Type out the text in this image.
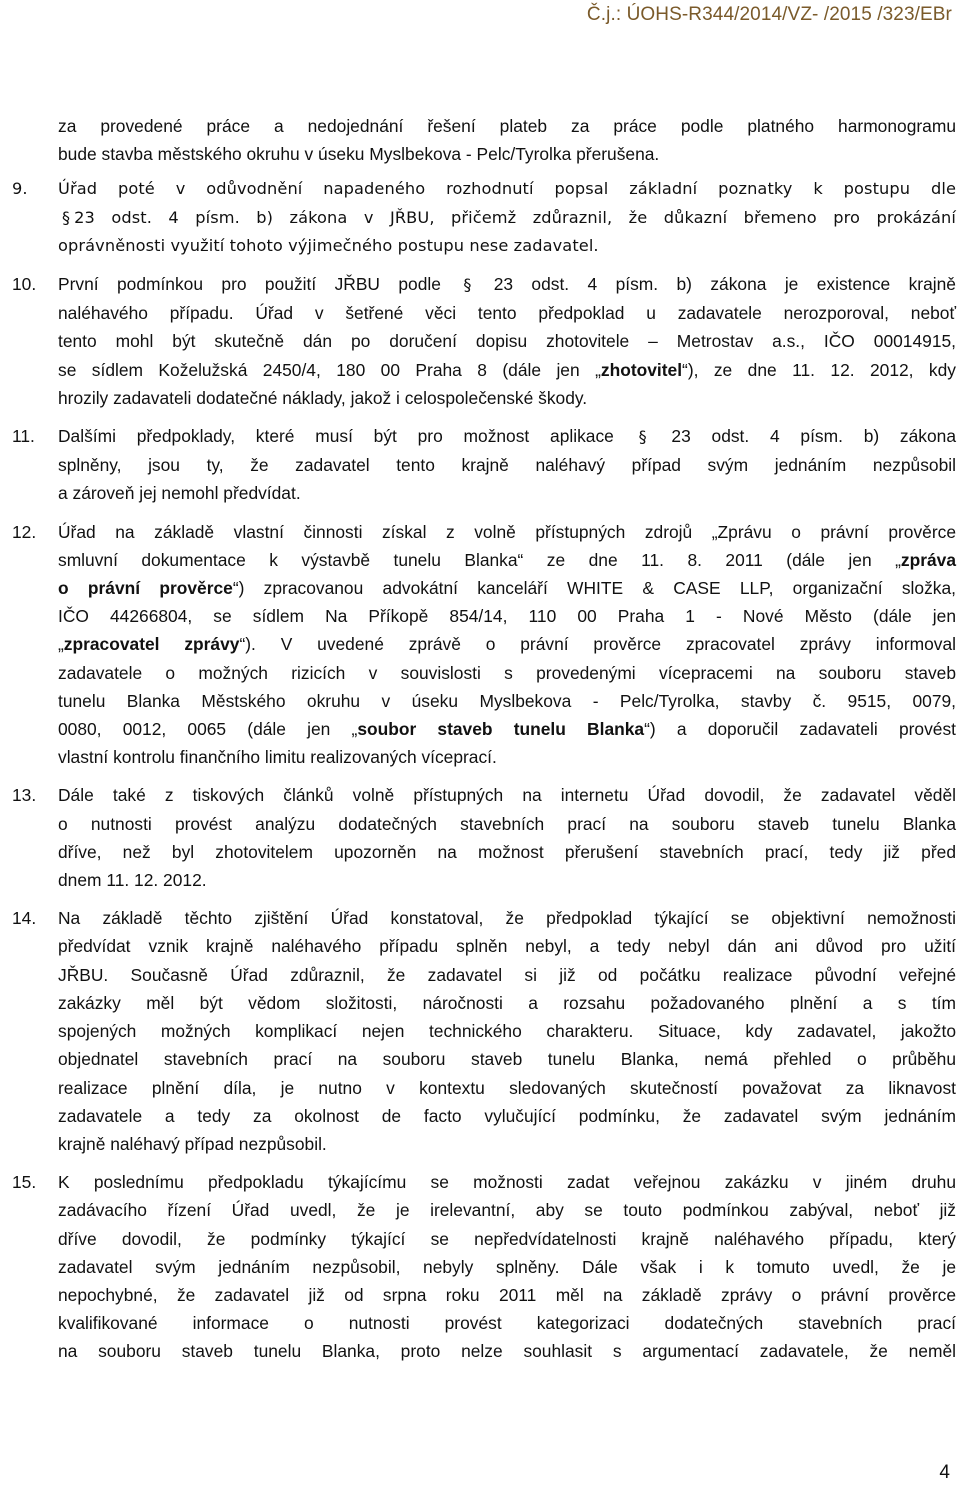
Č.j.: ÚOHS-R344/2014/VZ- /2015 /323/EBr
za provedené práce a nedojednání řešení plateb za práce podle platného harmonogramu
bude stavba městského okruhu v úseku Myslbekova - Pelc/Tyrolka přerušena.
9. Úřad poté v odůvodnění napadeného rozhodnutí popsal základní poznatky k postupu dle
§ 23 odst. 4 písm. b) zákona v JŘBU, přičemž zdůraznil, že důkazní břemeno pro prokázání
oprávněnosti využití tohoto výjimečného postupu nese zadavatel.
10. První podmínkou pro použití JŘBU podle § 23 odst. 4 písm. b) zákona je existence krajně
naléhavého případu. Úřad v šetřené věci tento předpoklad u zadavatele nerozporoval, neboť
tento mohl být skutečně dán po doručení dopisu zhotovitele – Metrostav a.s., IČO 00014915,
se sídlem Koželužská 2450/4, 180 00 Praha 8 (dále jen „zhotovitel“), ze dne 11. 12. 2012, kdy
hrozily zadavateli dodatečné náklady, jakož i celospolečenské škody.
11. Dalšími předpoklady, které musí být pro možnost aplikace § 23 odst. 4 písm. b) zákona
splněny, jsou ty, že zadavatel tento krajně naléhavý případ svým jednáním nezpůsobil
a zároveň jej nemohl předvídat.
12. Úřad na základě vlastní činnosti získal z volně přístupných zdrojů „Zprávu o právní prověrce
smluvní dokumentace k výstavbě tunelu Blanka“ ze dne 11. 8. 2011 (dále jen „zpráva
o právní prověrce“) zpracovanou advokátní kanceláří WHITE & CASE LLP, organizační složka,
IČO 44266804, se sídlem Na Příkopě 854/14, 110 00 Praha 1 - Nové Město (dále jen
„zpracovatel zprávy“). V uvedené zprávě o právní prověrce zpracovatel zprávy informoval
zadavatele o možných rizicích v souvislosti s provedenými vícepracemi na souboru staveb
tunelu Blanka Městského okruhu v úseku Myslbekova - Pelc/Tyrolka, stavby č. 9515, 0079,
0080, 0012, 0065 (dále jen „soubor staveb tunelu Blanka“) a doporučil zadavateli provést
vlastní kontrolu finančního limitu realizovaných víceprací.
13. Dále také z tiskových článků volně přístupných na internetu Úřad dovodil, že zadavatel věděl
o nutnosti provést analýzu dodatečných stavebních prací na souboru staveb tunelu Blanka
dříve, než byl zhotovitelem upozorněn na možnost přerušení stavebních prací, tedy již před
dnem 11. 12. 2012.
14. Na základě těchto zjištění Úřad konstatoval, že předpoklad týkající se objektivní nemožnosti
předvídat vznik krajně naléhavého případu splněn nebyl, a tedy nebyl dán ani důvod pro užití
JŘBU. Současně Úřad zdůraznil, že zadavatel si již od počátku realizace původní veřejné
zakázky měl být vědom složitosti, náročnosti a rozsahu požadovaného plnění a s tím
spojených možných komplikací nejen technického charakteru. Situace, kdy zadavatel, jakožto
objednatel stavebních prací na souboru staveb tunelu Blanka, nemá přehled o průběhu
realizace plnění díla, je nutno v kontextu sledovaných skutečností považovat za liknavost
zadavatele a tedy za okolnost de facto vylučující podmínku, že zadavatel svým jednáním
krajně naléhavý případ nezpůsobil.
15. K poslednímu předpokladu týkajícímu se možnosti zadat veřejnou zakázku v jiném druhu
zadávacího řízení Úřad uvedl, že je irelevantní, aby se touto podmínkou zabýval, neboť již
dříve dovodil, že podmínky týkající se nepředvídatelnosti krajně naléhavého případu, který
zadavatel svým jednáním nezpůsobil, nebyly splněny. Dále však i k tomuto uvedl, že je
nepochybné, že zadavatel již od srpna roku 2011 měl na základě zprávy o právní prověrce
kvalifikované informace o nutnosti provést kategorizaci dodatečných stavebních prací
na souboru staveb tunelu Blanka, proto nelze souhlasit s argumentací zadavatele, že neměl
4
